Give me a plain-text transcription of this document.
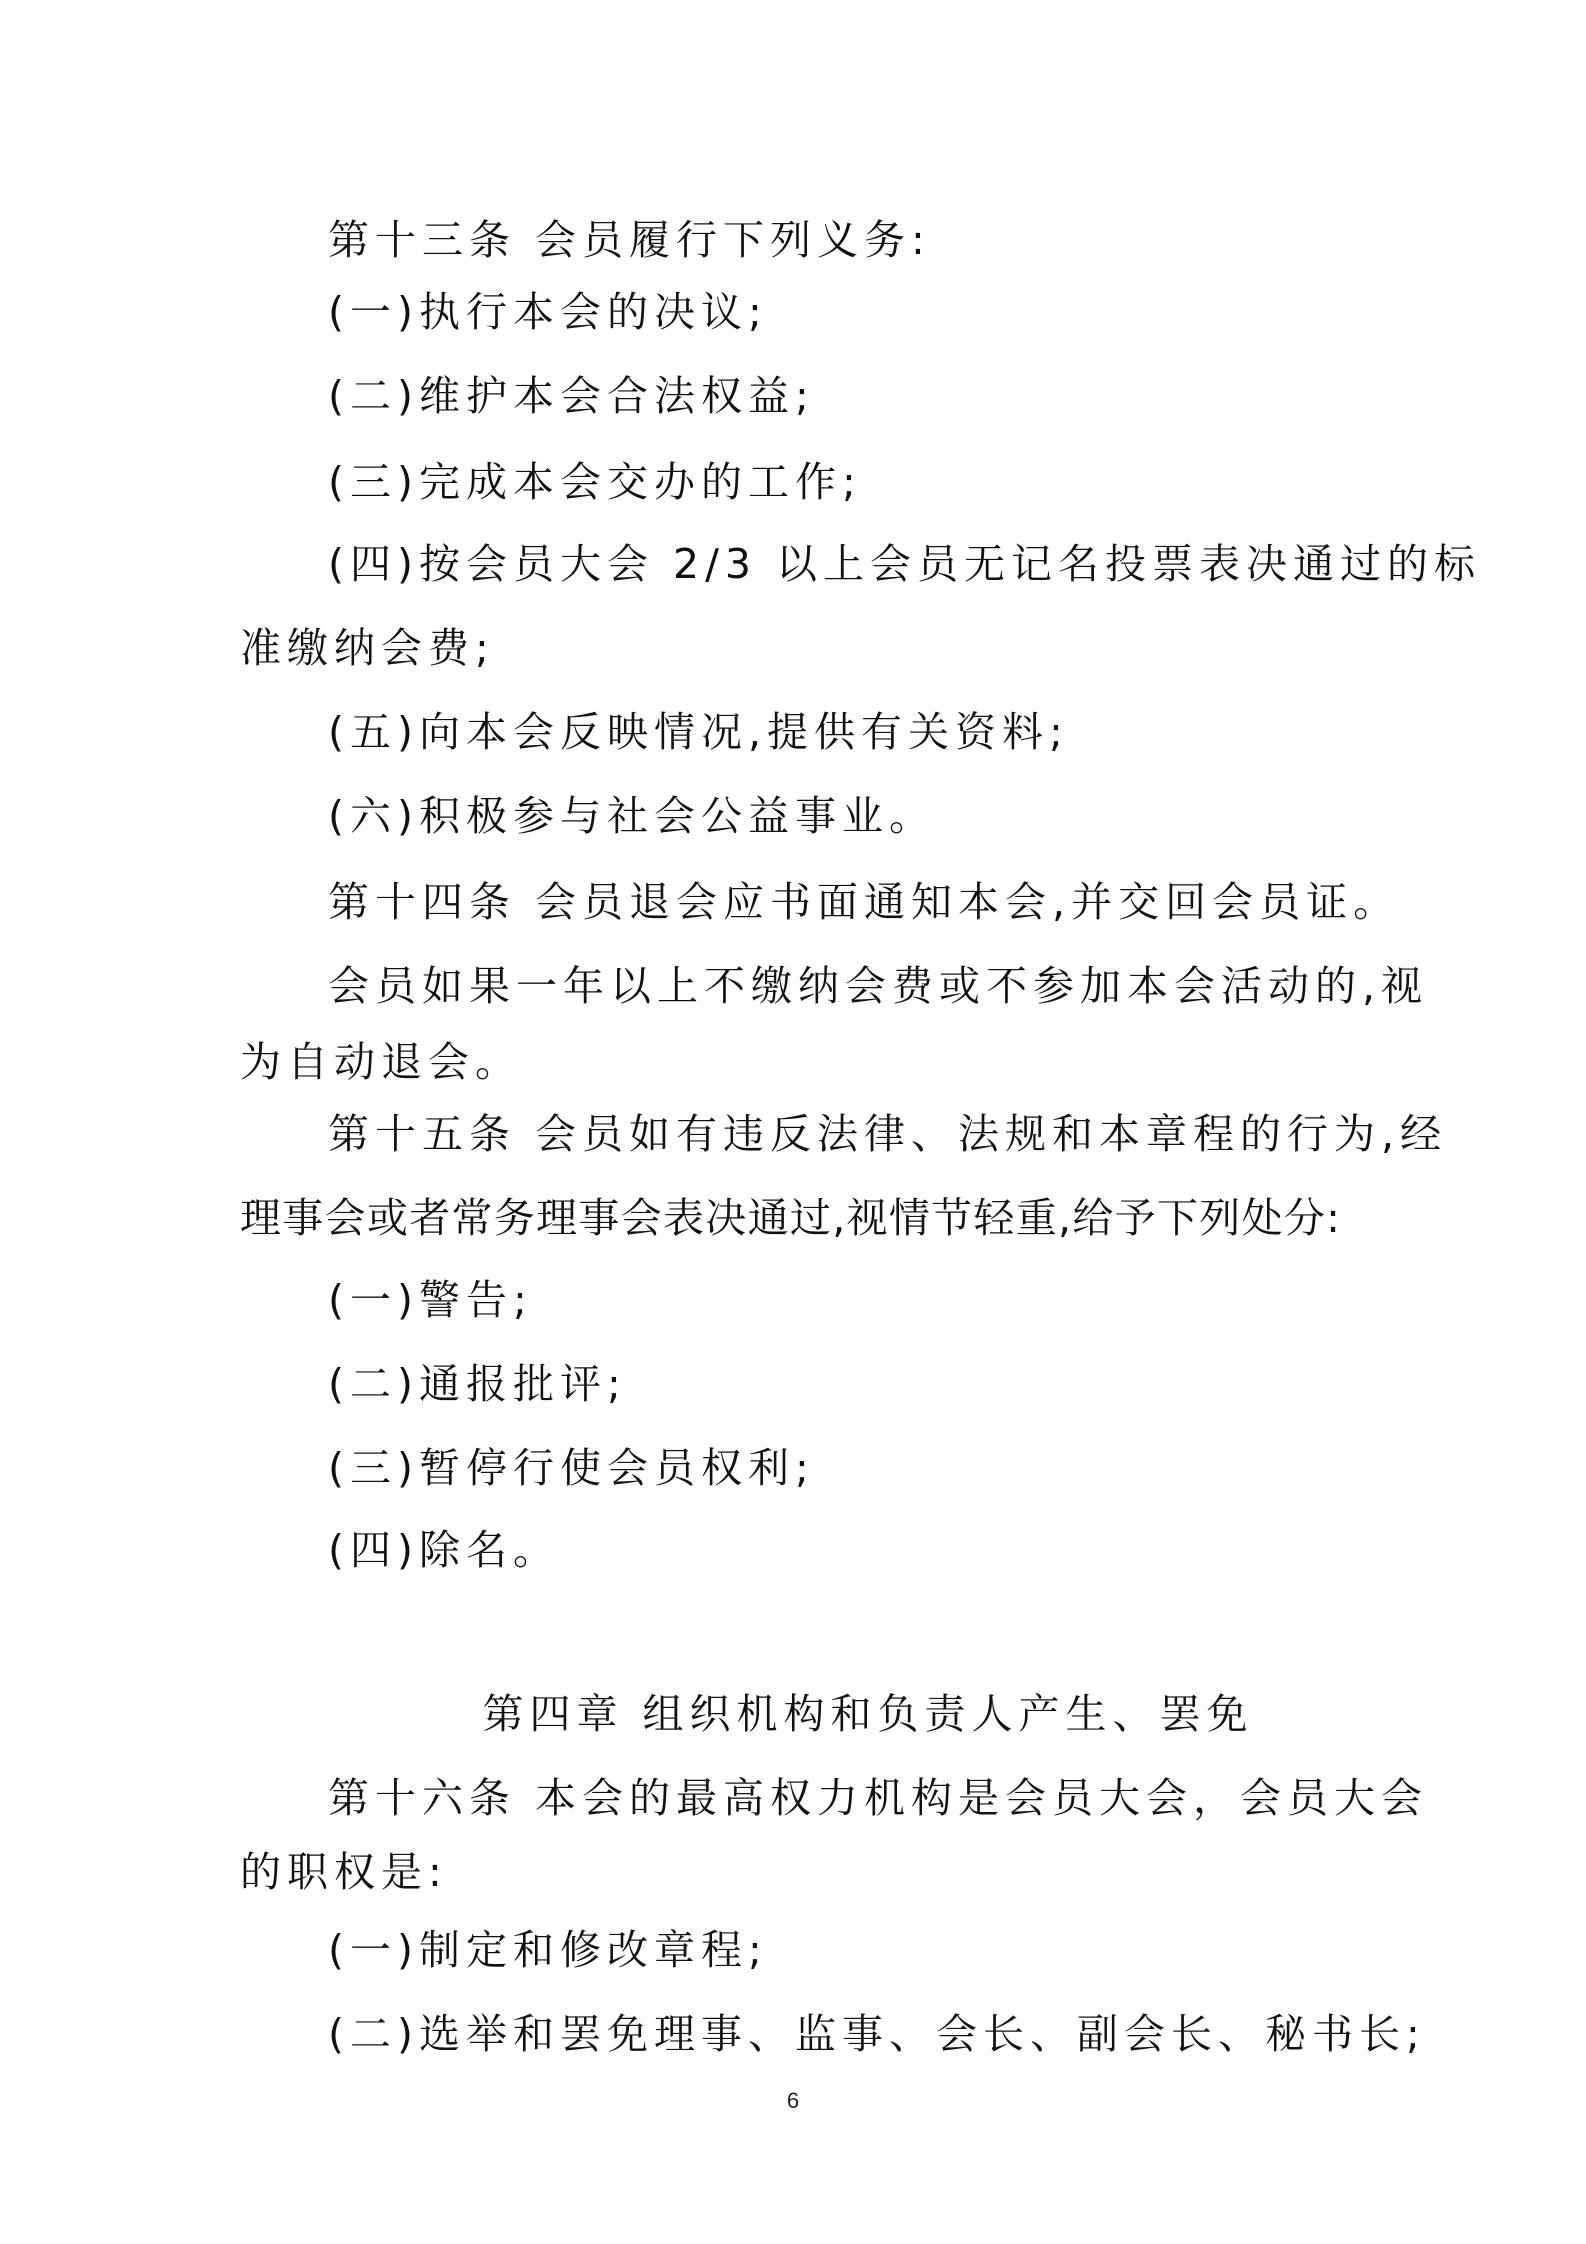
第十三条 会员履行下列义务:
(一)执行本会的决议;
(二)维护本会合法权益;
(三)完成本会交办的工作;
(四)按会员大会 2/3 以上会员无记名投票表决通过的标
准缴纳会费;
(五)向本会反映情况,提供有关资料;
(六)积极参与社会公益事业。
第十四条 会员退会应书面通知本会,并交回会员证。
会员如果一年以上不缴纳会费或不参加本会活动的,视
为自动退会。
第十五条 会员如有违反法律、法规和本章程的行为,经
理事会或者常务理事会表决通过,视情节轻重,给予下列处分:
(一)警告;
(二)通报批评;
(三)暂停行使会员权利;
(四)除名。
第四章 组织机构和负责人产生、罢免
第十六条 本会的最高权力机构是会员大会，会员大会
的职权是:
(一)制定和修改章程;
(二)选举和罢免理事、监事、会长、副会长、秘书长;
6
